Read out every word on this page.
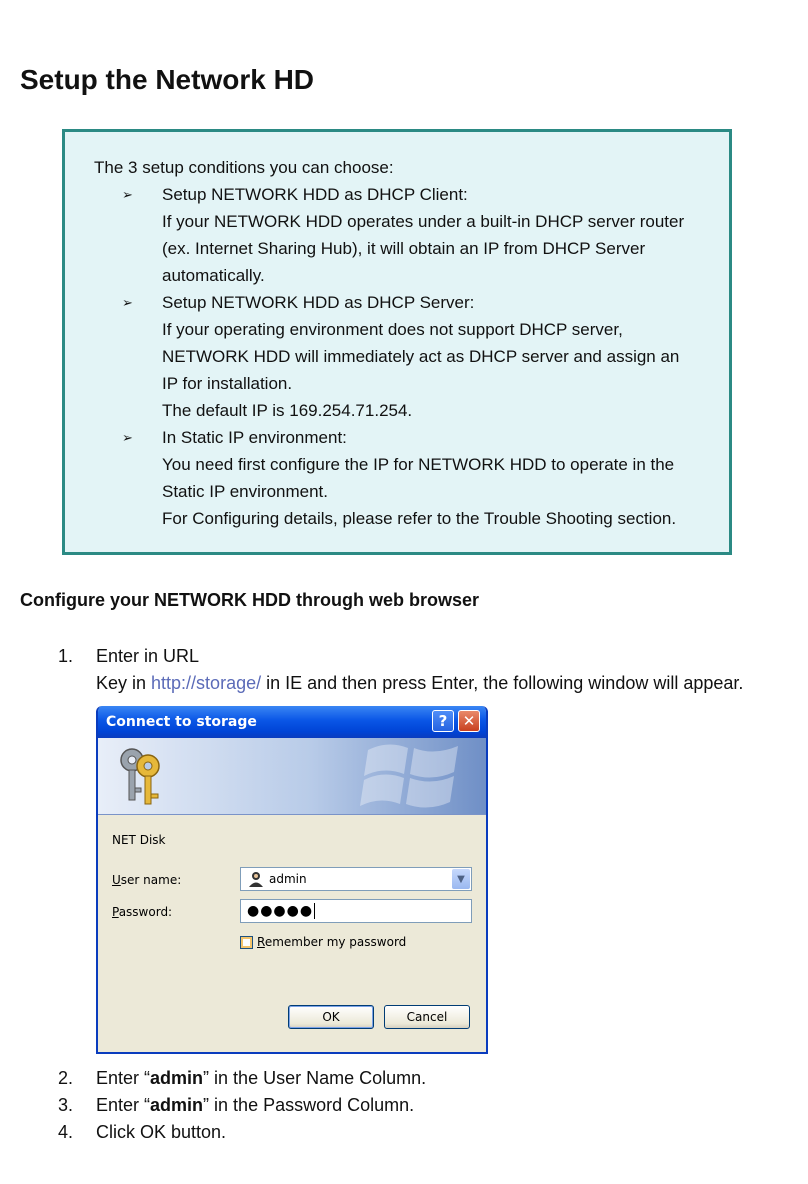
Setup the Network HD
The 3 setup conditions you can choose:
➢	Setup NETWORK HDD as DHCP Client:
If your NETWORK HDD operates under a built-in DHCP server router
(ex. Internet Sharing Hub), it will obtain an IP from DHCP Server
automatically.
➢	Setup NETWORK HDD as DHCP Server:
If your operating environment does not support DHCP server,
NETWORK HDD will immediately act as DHCP server and assign an
IP for installation.
The default IP is 169.254.71.254.
➢	In Static IP environment:
You need first configure the IP for NETWORK HDD to operate in the
Static IP environment.
For Configuring details, please refer to the Trouble Shooting section.
Configure your NETWORK HDD through web browser
1. Enter in URL
Key in http://storage/ in IE and then press Enter, the following window will appear.
Connect to storage	?	✕
NET Disk
User name:	admin	▼
Password:	●●●●●
Remember my password
OK	Cancel
2. Enter “admin” in the User Name Column.
3. Enter “admin” in the Password Column.
4. Click OK button.
